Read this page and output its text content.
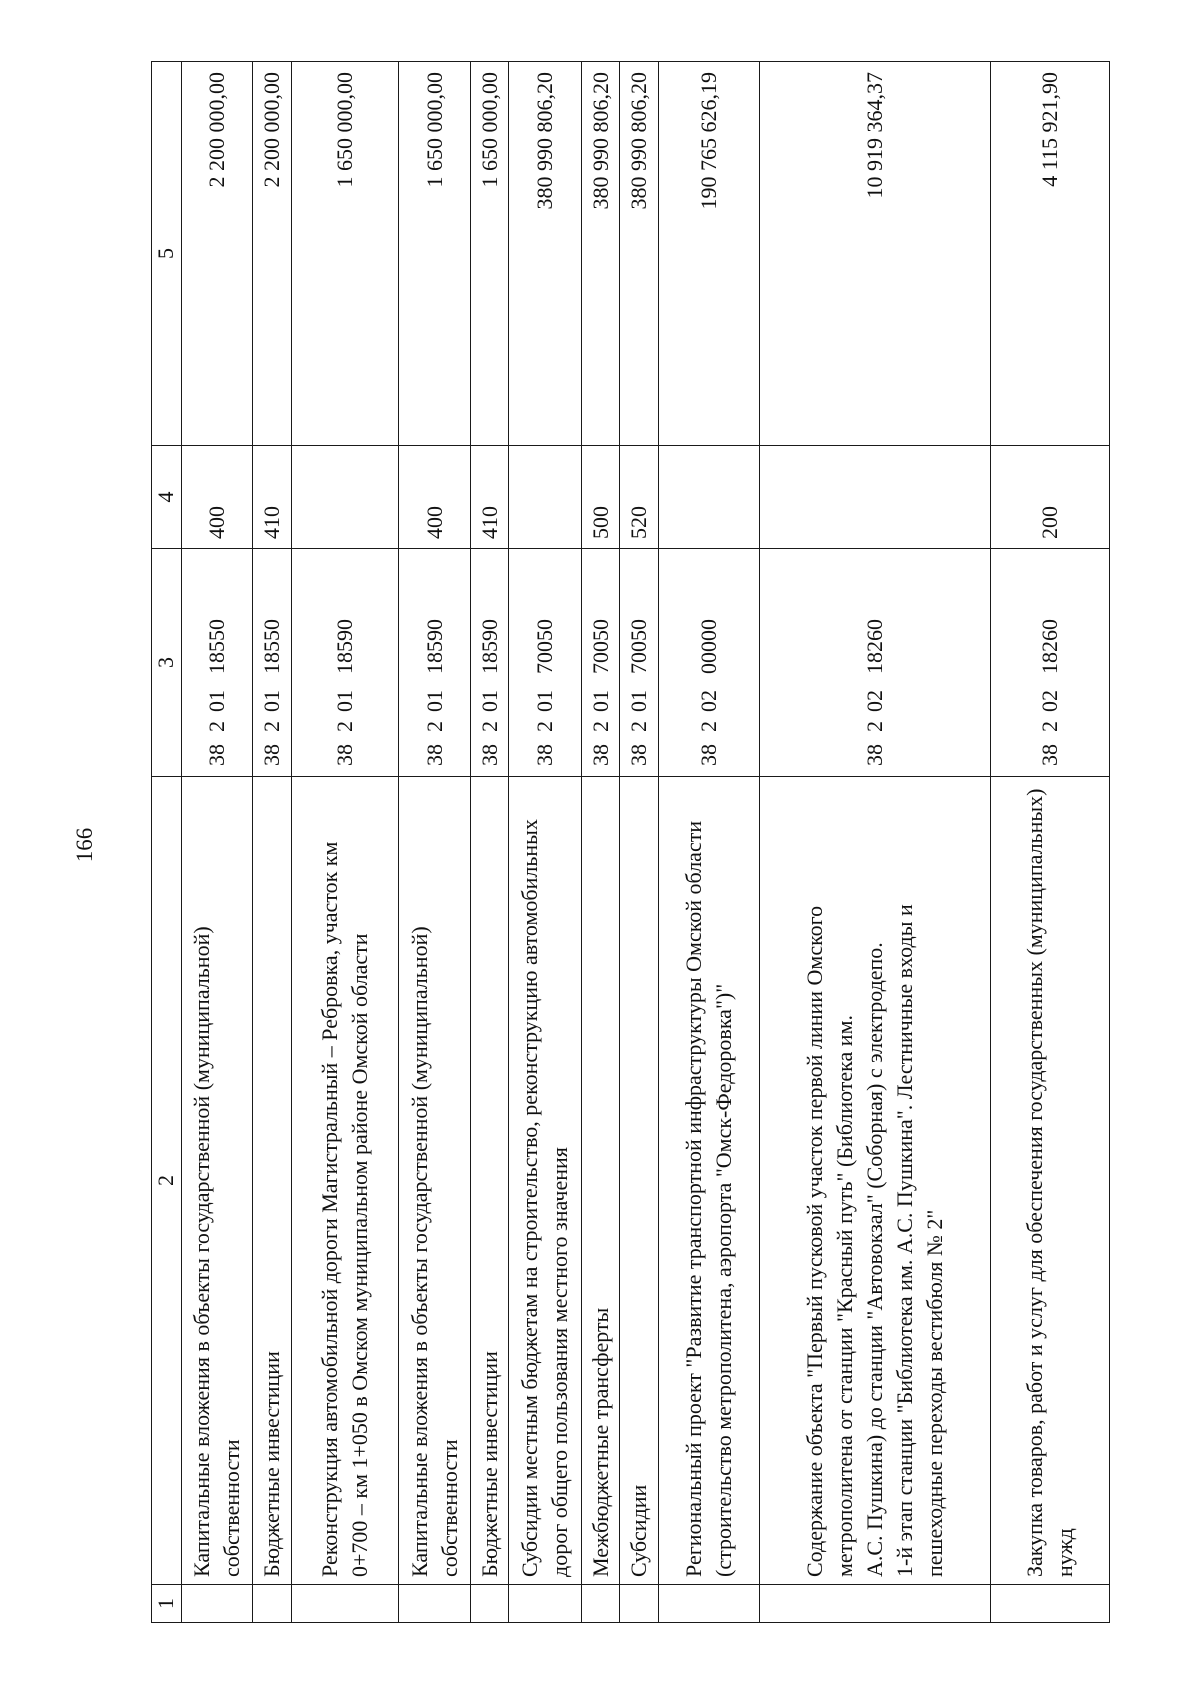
166
1	2	3	4	5
	Капитальные вложения в объекты государственной (муниципальной) собственности	3820118550	400	2 200 000,00
	Бюджетные инвестиции	3820118550	410	2 200 000,00
	Реконструкция автомобильной дороги Магистральный – Ребровка, участок км 0+700 – км 1+050 в Омском муниципальном районе Омской области	3820118590		1 650 000,00
	Капитальные вложения в объекты государственной (муниципальной) собственности	3820118590	400	1 650 000,00
	Бюджетные инвестиции	3820118590	410	1 650 000,00
	Субсидии местным бюджетам на строительство, реконструкцию автомобильных дорог общего пользования местного значения	3820170050		380 990 806,20
	Межбюджетные трансферты	3820170050	500	380 990 806,20
	Субсидии	3820170050	520	380 990 806,20
	Региональный проект "Развитие транспортной инфраструктуры Омской области (строительство метрополитена, аэропорта "Омск-Федоровка")"	3820200000		190 765 626,19

	Содержание объекта "Первый пусковой участок первой линии Омского метрополитена от станции "Красный путь" (Библиотека им. А.С. Пушкина) до станции "Автовокзал" (Соборная) с электродепо. 1-й этап станции "Библиотека им. А.С. Пушкина". Лестничные входы и пешеходные переходы вестибюля № 2"	3820218260		10 919 364,37
	Закупка товаров, работ и услуг для обеспечения государственных (муниципальных) нужд	3820218260	200	4 115 921,90
